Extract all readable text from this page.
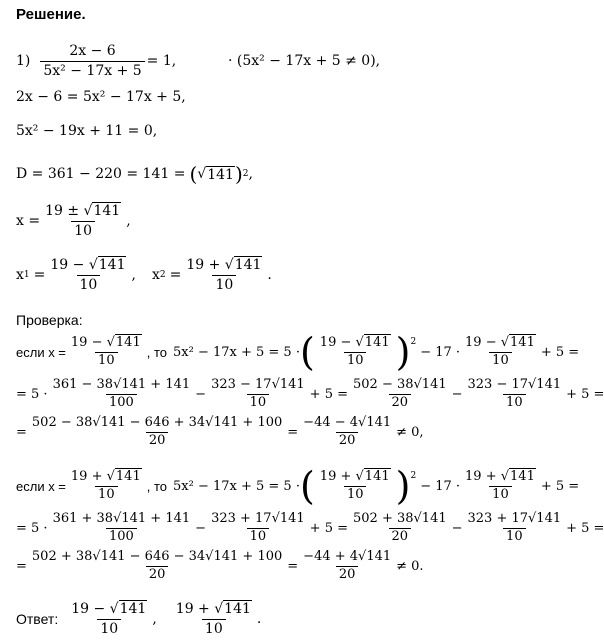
Решение.
$1) \frac{2x - 6}{\text{5x² − 17x + 5}} = 1$,	· (5x² − 17x + 5 ≠ 0),
2x − 6 = 5x² − 17x + 5,
5x² − 19x + 11 = 0,
D = 361 − 220 = 141 = ( √ 141 ) 2 ,
$x = \frac{19 \pm √141}{10}$ ,
x $1 = \frac{19 - √141}{10}$ , x $2 = \frac{19 + √141}{10}$ .
Проверка:
если $x = \frac{19 - √141}{10}$ , то 5x² − 17x + 5 = 5 · ( $\frac{19 - √141}{10} )^2$
− $17 \cdot \frac{19 - √141}{10} + 5$ =
= $5 \cdot \frac{361 - 38√141 + 141}{100} - \frac{323 - 17√141}{10} + 5 = \frac{502 - 38√141}{20} - \frac{323 - 17√141}{10} + 5$ =
= $\frac{502 - 38√141 - 646 + 34√141 + 100}{20} = \frac{-44 - 4√141}{20} \ne 0$,
если $x = \frac{19 + √141}{10}$ , то 5x² − 17x + 5 = 5 · ( $\frac{19 + √141}{10} )^2$
− $17 \cdot \frac{19 + √141}{10} + 5$ =
= $5 \cdot \frac{361 + 38√141 + 141}{100} - \frac{323 + 17√141}{10} + 5 = \frac{502 + 38√141}{20} - \frac{323 + 17√141}{10} + 5$ =
= $\frac{502 + 38√141 - 646 - 34√141 + 100}{20} = \frac{-44 + 4√141}{20} \ne 0$.
Ответ: $\frac{19 - √141}{10}$ , $\frac{19 + √141}{10}$ .
